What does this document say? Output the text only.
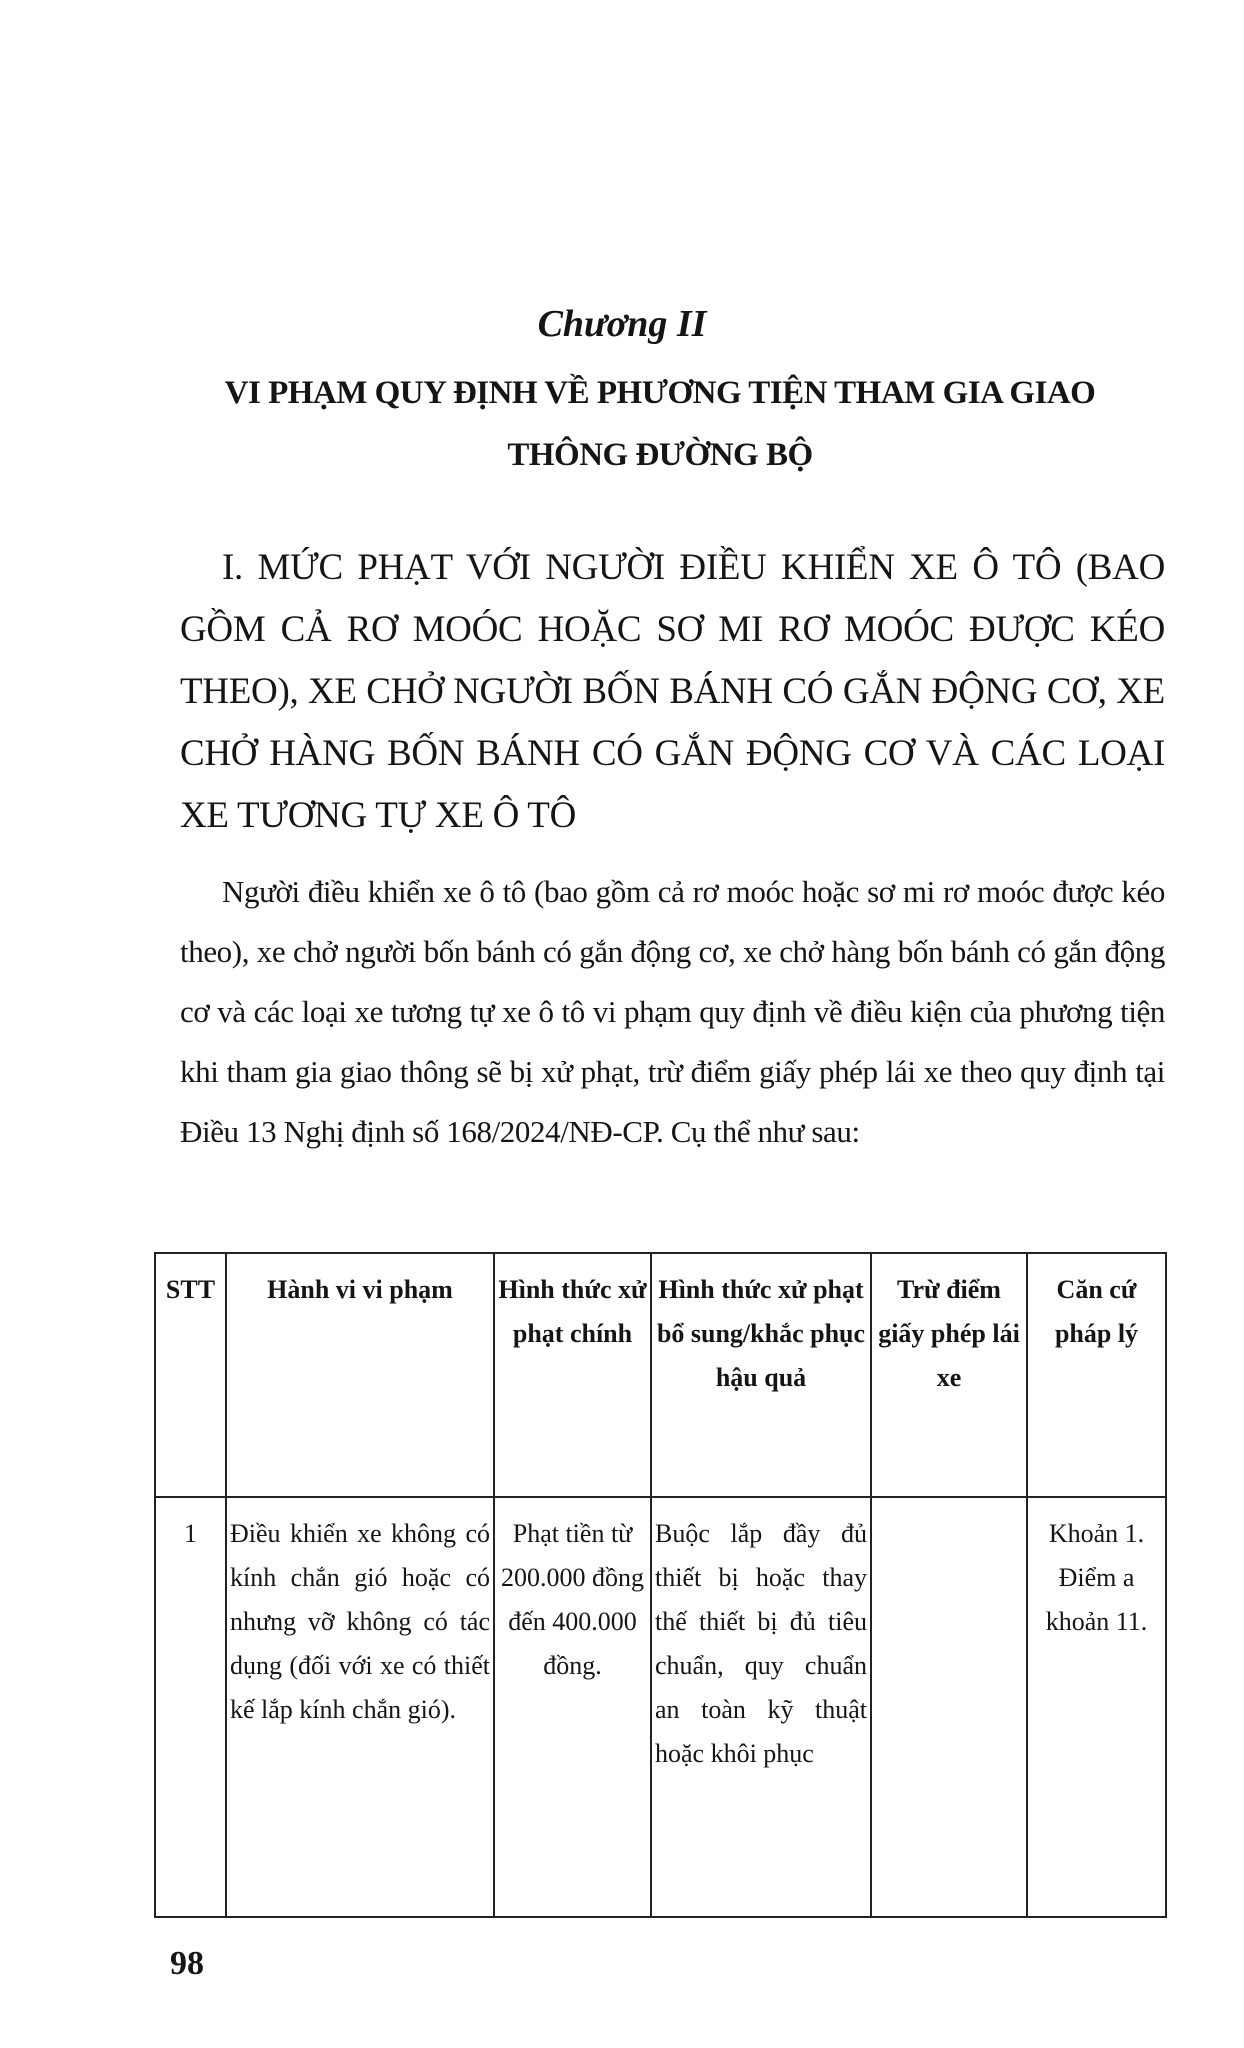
Chương II
VI PHẠM QUY ĐỊNH VỀ PHƯƠNG TIỆN THAM GIA GIAO THÔNG ĐƯỜNG BỘ
I. MỨC PHẠT VỚI NGƯỜI ĐIỀU KHIỂN XE Ô TÔ (BAO GỒM CẢ RƠ MOÓC HOẶC SƠ MI RƠ MOÓC ĐƯỢC KÉO THEO), XE CHỞ NGƯỜI BỐN BÁNH CÓ GẮN ĐỘNG CƠ, XE CHỞ HÀNG BỐN BÁNH CÓ GẮN ĐỘNG CƠ VÀ CÁC LOẠI XE TƯƠNG TỰ XE Ô TÔ
Người điều khiển xe ô tô (bao gồm cả rơ moóc hoặc sơ mi rơ moóc được kéo theo), xe chở người bốn bánh có gắn động cơ, xe chở hàng bốn bánh có gắn động cơ và các loại xe tương tự xe ô tô vi phạm quy định về điều kiện của phương tiện khi tham gia giao thông sẽ bị xử phạt, trừ điểm giấy phép lái xe theo quy định tại Điều 13 Nghị định số 168/2024/NĐ-CP. Cụ thể như sau:
STT	Hành vi vi phạm	Hình thức xử phạt chính	Hình thức xử phạt bổ sung/khắc phục hậu quả	Trừ điểm giấy phép lái xe	Căn cứ pháp lý
1	Điều khiển xe không có kính chắn gió hoặc có nhưng vỡ không có tác dụng (đối với xe có thiết kế lắp kính chắn gió).	Phạt tiền từ 200.000 đồng đến 400.000 đồng.	Buộc lắp đầy đủ thiết bị hoặc thay thế thiết bị đủ tiêu chuẩn, quy chuẩn an toàn kỹ thuật hoặc khôi phục		Khoản 1. Điểm a khoản 11.
98
